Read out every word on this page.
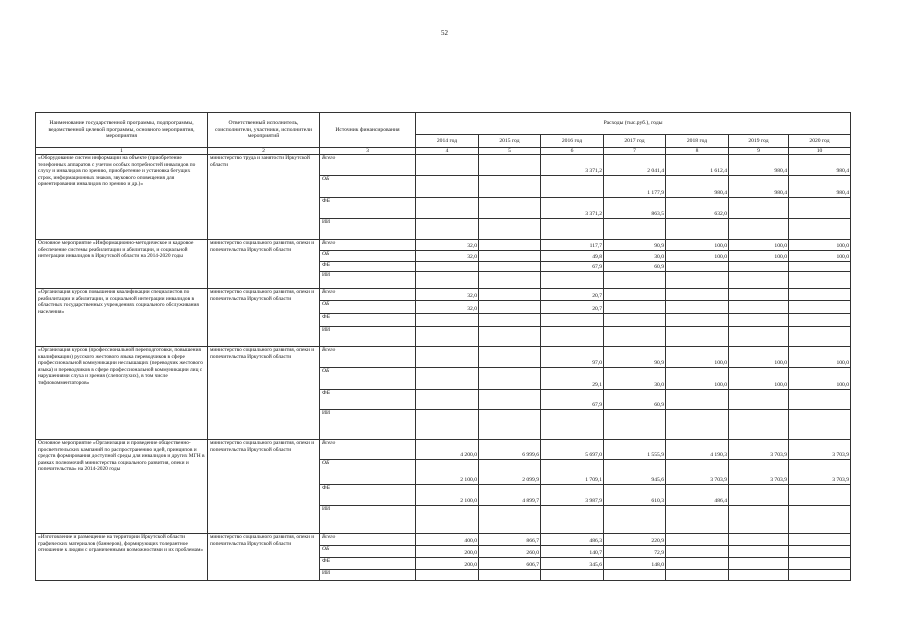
52
Наименование государственной программы, подпрограммы, ведомственной целевой программы, основного мероприятия, мероприятия	Ответственный исполнитель, соисполнители, участники, исполнители мероприятий	Источник финансирования	Расходы (тыс.руб.), годы						
			2014 год	2015 год	2016 год	2017 год	2018 год	2019 год	2020 год
1	2	3	4	5	6	7	8	9	10
«Оборудование систем информации на объекте (приобретение телефонных аппаратов с учетом особых потребностей инвалидов по слуху и инвалидов по зрению, приобретение и установка бегущих строк, информационных знаков, звукового оповещения для ориентирования инвалидов по зрению и др.)»	министерство труда и занятости Иркутской области	Всего			3 371,2	2 041,4	1 612,4	980,4	980,4
		ОБ				1 177,9	980,4	980,4	980,4
		ФБ			3 371,2	863,5	632,0		
		ИИ							
Основное мероприятие «Информационно-методическое и кадровое обеспечение системы реабилитации и абилитации, и социальной интеграции инвалидов в Иркутской области на 2014-2020 годы	министерство социального развития, опеки и попечительства Иркутской области	Всего	32,0		117,7	90,9	100,0	100,0	100,0
		ОБ	32,0		49,8	30,0	100,0	100,0	100,0
		ФБ			67,9	60,9			
		ИИ							
«Организация курсов повышения квалификации специалистов по реабилитации и абилитации, и социальной интеграции инвалидов в областных государственных учреждениях социального обслуживания населения»	министерство социального развития, опеки и попечительства Иркутской области	Всего	32,0		20,7				
		ОБ	32,0		20,7				
		ФБ							
		ИИ							
«Организация курсов (профессиональной переподготовки, повышения квалификации) русского жестового языка переводчиков в сфере профессиональной коммуникации неслышащих (переводчик жестового языка) и переводчиков в сфере профессиональной коммуникации лиц с нарушениями слуха и зрения (слепоглухих), в том числе тифлокомментаторов»	министерство социального развития, опеки и попечительства Иркутской области	Всего			97,0	90,9	100,0	100,0	100,0
		ОБ			29,1	30,0	100,0	100,0	100,0
		ФБ			67,9	60,9			
		ИИ							
Основное мероприятие «Организация и проведение общественно-просветительских кампаний по распространению идей, принципов и средств формирования доступной среды для инвалидов и других МГН в рамках полномочий министерства социального развития, опеки и попечительства» на 2014-2020 годы	министерство социального развития, опеки и попечительства Иркутской области	Всего	4 200,0	6 999,6	5 697,0	1 555,9	4 190,3	3 703,9	3 703,9
		ОБ	2 100,0	2 099,9	1 709,1	945,6	3 703,9	3 703,9	3 703,9
		ФБ	2 100,0	4 899,7	3 987,9	610,3	486,4		
		ИИ							
«Изготовление и размещение на территории Иркутской области графических материалов (баннеров), формирующих толерантное отношение к людям с ограниченными возможностями и их проблемам»	министерство социального развития, опеки и попечительства Иркутской области	Всего	400,0	866,7	486,3	220,9			
		ОБ	200,0	260,0	140,7	72,9			
		ФБ	200,0	606,7	345,6	148,0			
		ИИ							
